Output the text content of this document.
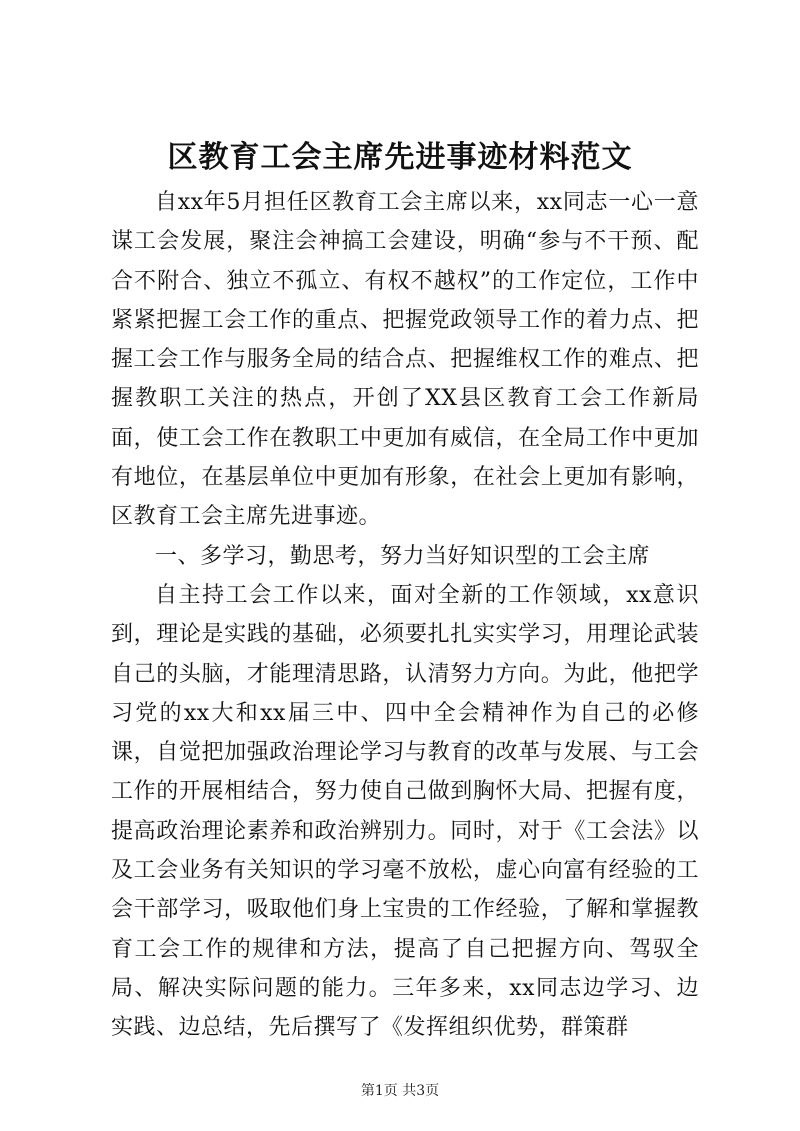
区教育工会主席先进事迹材料范文

自xx年5月担任区教育工会主席以来，xx同志一心一意谋工会发展，聚注会神搞工会建设，明确“参与不干预、配合不附合、独立不孤立、有权不越权”的工作定位，工作中紧紧把握工会工作的重点、把握党政领导工作的着力点、把握工会工作与服务全局的结合点、把握维权工作的难点、把握教职工关注的热点，开创了XX县区教育工会工作新局面，使工会工作在教职工中更加有威信，在全局工作中更加有地位，在基层单位中更加有形象，在社会上更加有影响，区教育工会主席先进事迹。

一、多学习，勤思考，努力当好知识型的工会主席

自主持工会工作以来，面对全新的工作领域，xx意识到，理论是实践的基础，必须要扎扎实实学习，用理论武装自己的头脑，才能理清思路，认清努力方向。为此，他把学习党的xx大和xx届三中、四中全会精神作为自己的必修课，自觉把加强政治理论学习与教育的改革与发展、与工会工作的开展相结合，努力使自己做到胸怀大局、把握有度，提高政治理论素养和政治辨别力。同时，对于《工会法》以及工会业务有关知识的学习毫不放松，虚心向富有经验的工会干部学习，吸取他们身上宝贵的工作经验，了解和掌握教育工会工作的规律和方法，提高了自己把握方向、驾驭全局、解决实际问题的能力。三年多来，xx同志边学习、边实践、边总结，先后撰写了《发挥组织优势，群策群

第1页 共3页
